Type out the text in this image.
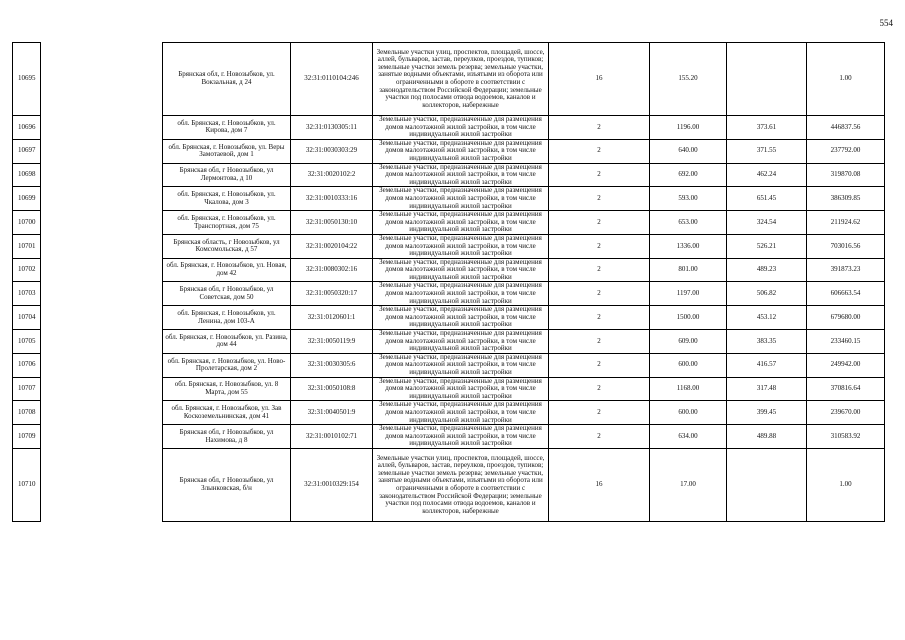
554
10695		Брянская обл, г. Новозыбков, ул. Вокзальная, д 24	32:31:0110104:246	Земельные участки улиц, проспектов, площадей, шоссе, аллей, бульваров, застав, переулков, проездов, тупиков; земельные участки земель резерва; земельные участки, занятые водными объектами, изъятыми из оборота или ограниченными в обороте в соответствии с законодательством Российской Федерации; земельные участки под полосами отвода водоемов, каналов и коллекторов, набережные	16	155.20		1.00
10696		обл. Брянская, г. Новозыбков, ул. Кирова, дом 7	32:31:0130305:11	Земельные участки, предназначенные для размещения домов малоэтажной жилой застройки, в том числе индивидуальной жилой застройки	2	1196.00	373.61	446837.56
10697		обл. Брянская, г. Новозыбков, ул. Веры Замотаевой, дом 1	32:31:0030303:29	Земельные участки, предназначенные для размещения домов малоэтажной жилой застройки, в том числе индивидуальной жилой застройки	2	640.00	371.55	237792.00
10698		Брянская обл, г Новозыбков, ул Лермонтова, д 10	32:31:0020102:2	Земельные участки, предназначенные для размещения домов малоэтажной жилой застройки, в том числе индивидуальной жилой застройки	2	692.00	462.24	319870.08
10699		обл. Брянская, г. Новозыбков, ул. Чкалова, дом 3	32:31:0010333:16	Земельные участки, предназначенные для размещения домов малоэтажной жилой застройки, в том числе индивидуальной жилой застройки	2	593.00	651.45	386309.85
10700		обл. Брянская, г. Новозыбков, ул. Транспортная, дом 75	32:31:0050130:10	Земельные участки, предназначенные для размещения домов малоэтажной жилой застройки, в том числе индивидуальной жилой застройки	2	653.00	324.54	211924.62
10701		Брянская область, г Новозыбков, ул Комсомольская, д 57	32:31:0020104:22	Земельные участки, предназначенные для размещения домов малоэтажной жилой застройки, в том числе индивидуальной жилой застройки	2	1336.00	526.21	703016.56
10702		обл. Брянская, г. Новозыбков, ул. Новая, дом 42	32:31:0080302:16	Земельные участки, предназначенные для размещения домов малоэтажной жилой застройки, в том числе индивидуальной жилой застройки	2	801.00	489.23	391873.23
10703		Брянская обл, г Новозыбков, ул Советская, дом 50	32:31:0050320:17	Земельные участки, предназначенные для размещения домов малоэтажной жилой застройки, в том числе индивидуальной жилой застройки	2	1197.00	506.82	606663.54
10704		обл. Брянская, г. Новозыбков, ул. Ленина, дом 103-А	32:31:0120601:1	Земельные участки, предназначенные для размещения домов малоэтажной жилой застройки, в том числе индивидуальной жилой застройки	2	1500.00	453.12	679680.00
10705		обл. Брянская, г. Новозыбков, ул. Разина, дом 44	32:31:0050119:9	Земельные участки, предназначенные для размещения домов малоэтажной жилой застройки, в том числе индивидуальной жилой застройки	2	609.00	383.35	233460.15
10706		обл. Брянская, г. Новозыбков, ул. Ново-Пролетарская, дом 2	32:31:0030305:6	Земельные участки, предназначенные для размещения домов малоэтажной жилой застройки, в том числе индивидуальной жилой застройки	2	600.00	416.57	249942.00
10707		обл. Брянская, г. Новозыбков, ул. 8 Марта, дом 55	32:31:0050108:8	Земельные участки, предназначенные для размещения домов малоэтажной жилой застройки, в том числе индивидуальной жилой застройки	2	1168.00	317.48	370816.64
10708		обл. Брянская, г. Новозыбков, ул. Зав Коскоземельнинская, дом 41	32:31:0040501:9	Земельные участки, предназначенные для размещения домов малоэтажной жилой застройки, в том числе индивидуальной жилой застройки	2	600.00	399.45	239670.00
10709		Брянская обл, г Новозыбков, ул Нахимова, д 8	32:31:0010102:71	Земельные участки, предназначенные для размещения домов малоэтажной жилой застройки, в том числе индивидуальной жилой застройки	2	634.00	489.88	310583.92
10710		Брянская обл, г Новозыбков, ул Злынковская, б/н	32:31:0010329:154	Земельные участки улиц, проспектов, площадей, шоссе, аллей, бульваров, застав, переулков, проездов, тупиков; земельные участки земель резерва; земельные участки, занятые водными объектами, изъятыми из оборота или ограниченными в обороте в соответствии с законодательством Российской Федерации; земельные участки под полосами отвода водоемов, каналов и коллекторов, набережные	16	17.00		1.00
